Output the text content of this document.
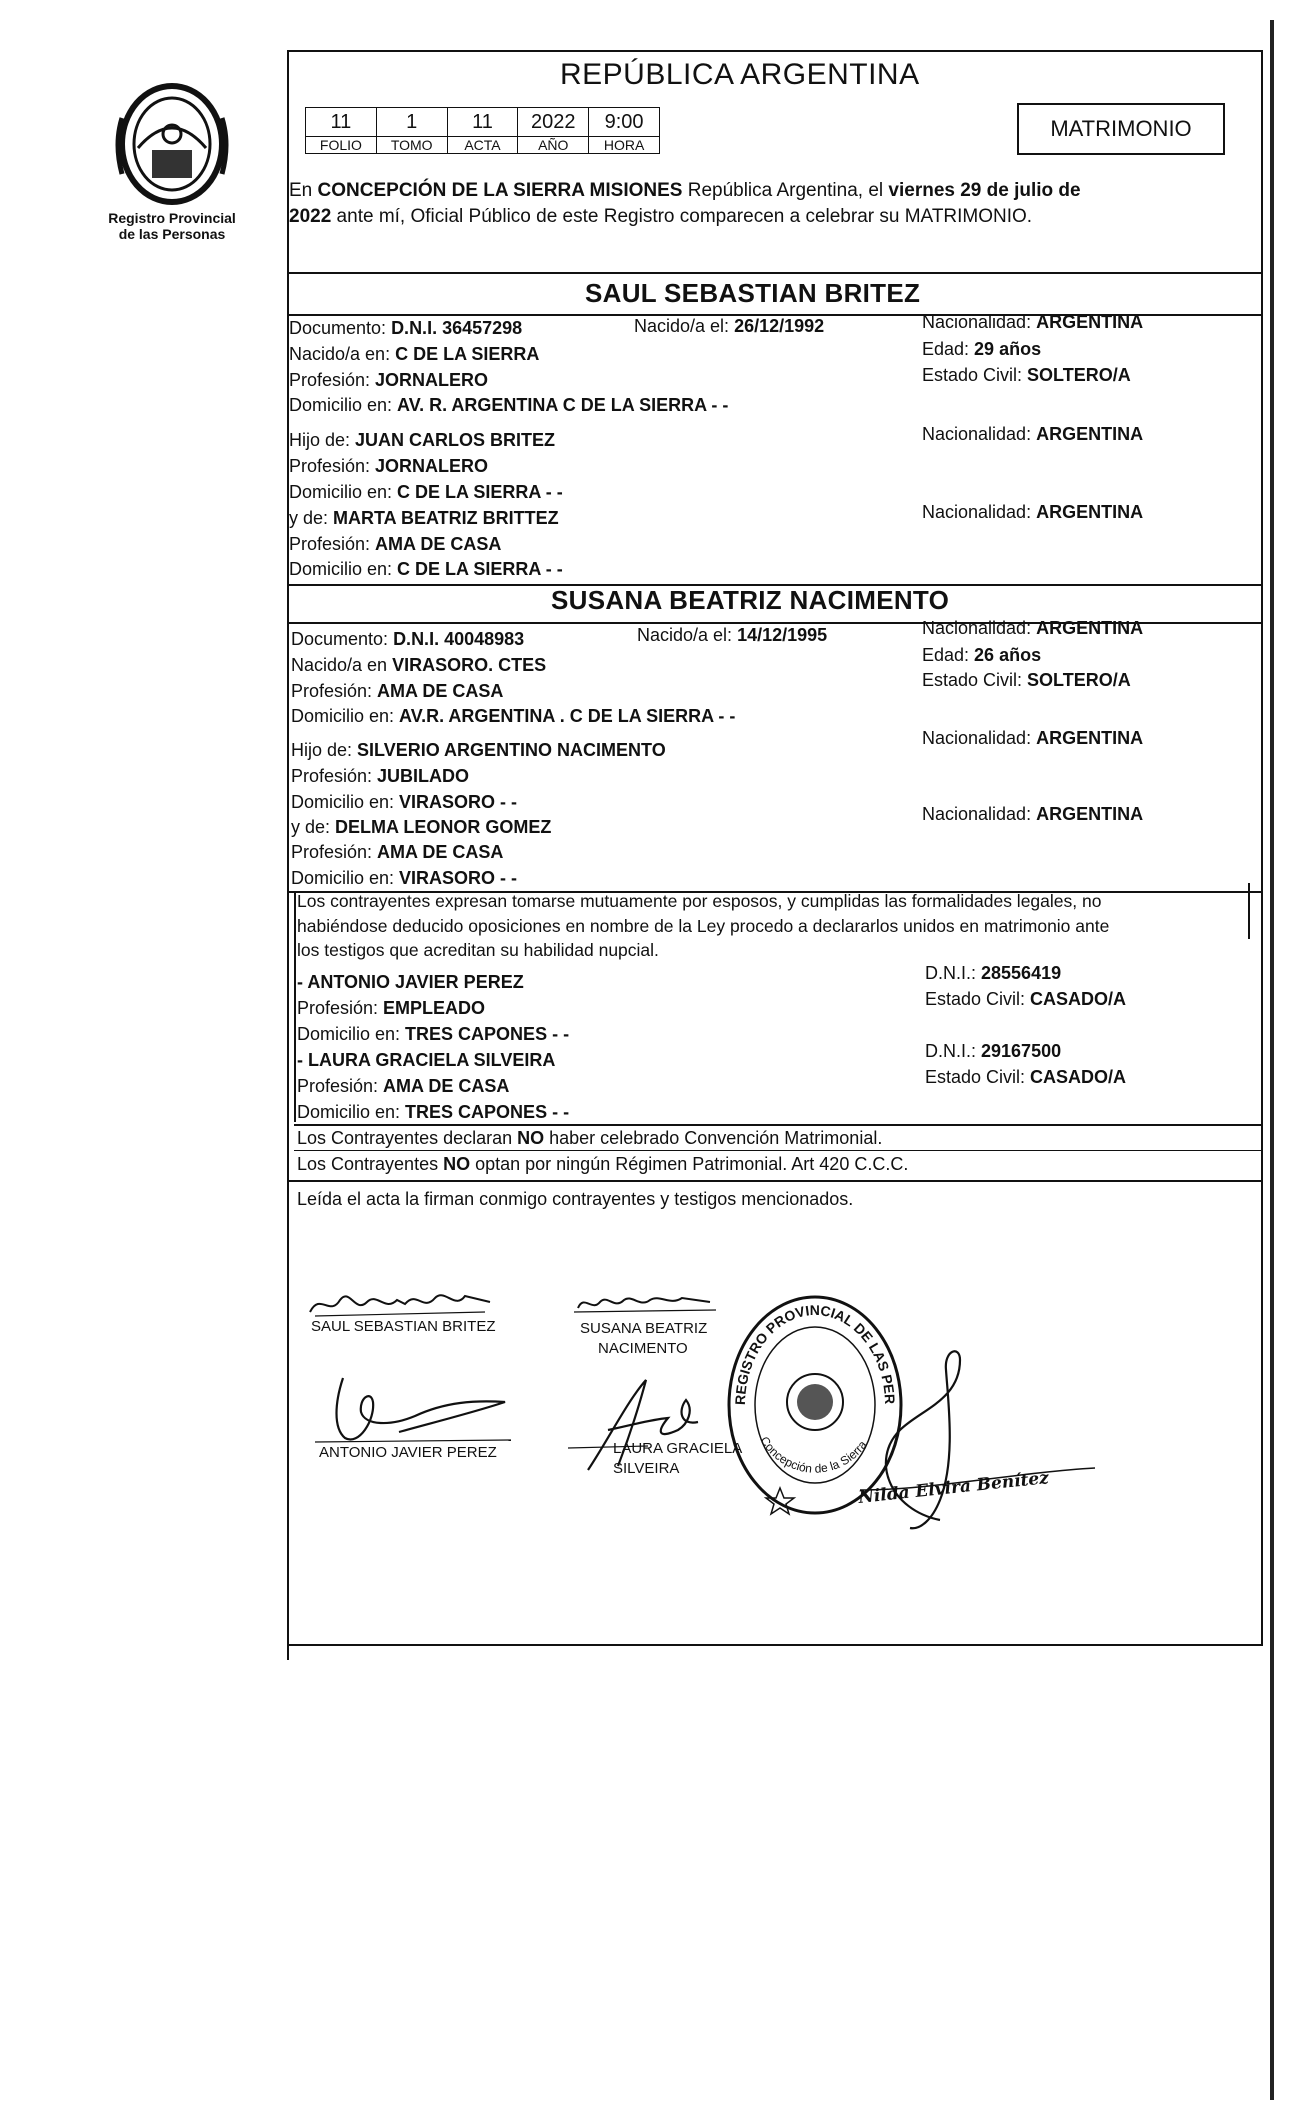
Registro Provincial
de las Personas
REPÚBLICA ARGENTINA
11	1	11	2022	9:00
FOLIO	TOMO	ACTA	AÑO	HORA
MATRIMONIO
En CONCEPCIÓN DE LA SIERRA MISIONES República Argentina, el viernes 29 de julio de
2022 ante mí, Oficial Público de este Registro comparecen a celebrar su MATRIMONIO.
SAUL SEBASTIAN BRITEZ
Documento: D.N.I. 36457298	Nacido/a el: 26/12/1992	Nacionalidad: ARGENTINA
Nacido/a en: C DE LA SIERRA	Edad: 29 años
Profesión: JORNALERO	Estado Civil: SOLTERO/A
Domicilio en: AV. R. ARGENTINA C DE LA SIERRA - -
Hijo de: JUAN CARLOS BRITEZ	Nacionalidad: ARGENTINA
Profesión: JORNALERO
Domicilio en: C DE LA SIERRA - -
y de: MARTA BEATRIZ BRITTEZ	Nacionalidad: ARGENTINA
Profesión: AMA DE CASA
Domicilio en: C DE LA SIERRA - -
SUSANA BEATRIZ NACIMENTO
Documento: D.N.I. 40048983	Nacido/a el: 14/12/1995	Nacionalidad: ARGENTINA
Nacido/a en VIRASORO. CTES	Edad: 26 años
Profesión: AMA DE CASA
Estado Civil: SOLTERO/A
Domicilio en: AV.R. ARGENTINA . C DE LA SIERRA - -
Hijo de: SILVERIO ARGENTINO NACIMENTO
Nacionalidad: ARGENTINA
Profesión: JUBILADO
Domicilio en: VIRASORO - -
y de: DELMA LEONOR GOMEZ
Nacionalidad: ARGENTINA
Profesión: AMA DE CASA
Domicilio en: VIRASORO - -
Los contrayentes expresan tomarse mutuamente por esposos, y cumplidas las formalidades legales, no
habiéndose deducido oposiciones en nombre de la Ley procedo a declararlos unidos en matrimonio ante
los testigos que acreditan su habilidad nupcial.
- ANTONIO JAVIER PEREZ	D.N.I.: 28556419
Profesión: EMPLEADO	Estado Civil: CASADO/A
Domicilio en: TRES CAPONES - -
- LAURA GRACIELA SILVEIRA	D.N.I.: 29167500
Profesión: AMA DE CASA	Estado Civil: CASADO/A
Domicilio en: TRES CAPONES - -
Los Contrayentes declaran NO haber celebrado Convención Matrimonial.
Los Contrayentes NO optan por ningún Régimen Patrimonial. Art 420 C.C.C.
Leída el acta la firman conmigo contrayentes y testigos mencionados.
SAUL SEBASTIAN BRITEZ	SUSANA BEATRIZ
NACIMENTO
ANTONIO JAVIER PEREZ	LAURA GRACIELA
SILVEIRA
REGISTRO PROVINCIAL DE LAS PERSONAS
Concepción de la Sierra
Nilda Elvira Benítez
